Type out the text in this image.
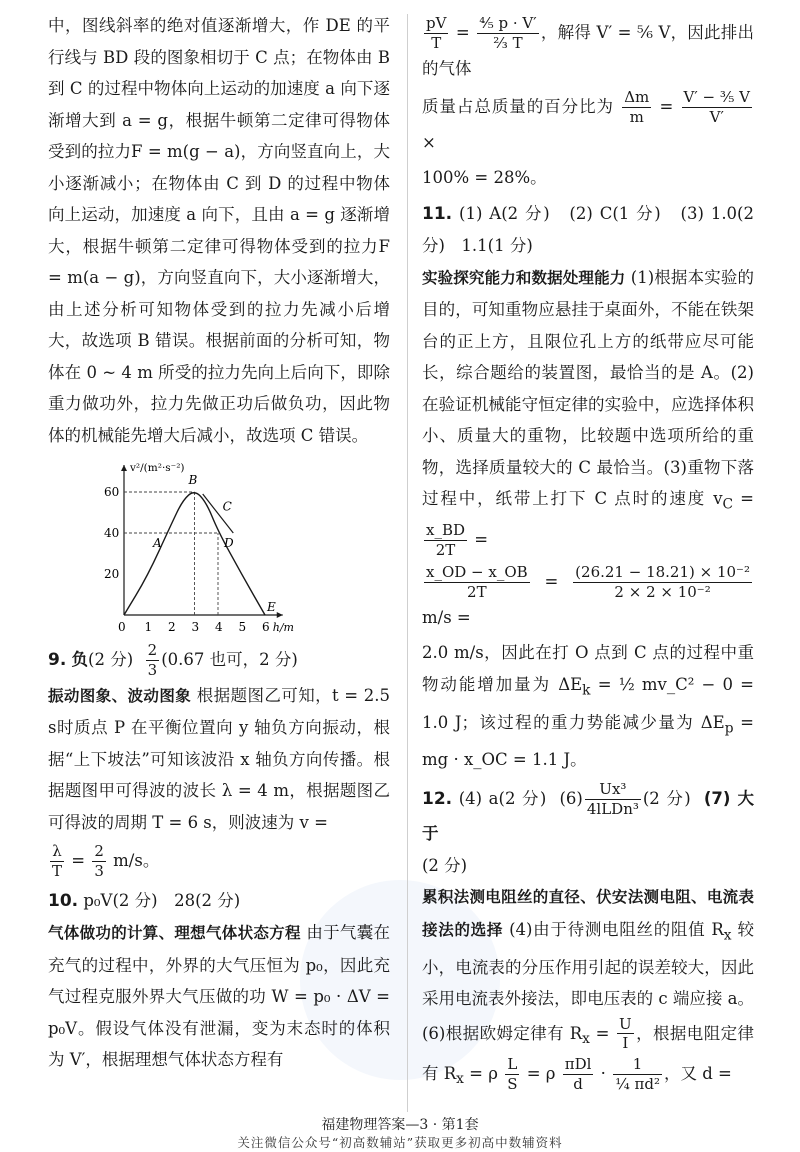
中，图线斜率的绝对值逐渐增大，作 DE 的平行线与 BD 段的图象相切于 C 点；在物体由 B 到 C 的过程中物体向上运动的加速度 a 向下逐渐增大到 a = g，根据牛顿第二定律可得物体受到的拉力F = m(g − a)，方向竖直向上，大小逐渐减小；在物体由 C 到 D 的过程中物体向上运动，加速度 a 向下，且由 a = g 逐渐增大，根据牛顿第二定律可得物体受到的拉力F = m(a − g)，方向竖直向下，大小逐渐增大，由上述分析可知物体受到的拉力先减小后增大，故选项 B 错误。根据前面的分析可知，物体在 0 ~ 4 m 所受的拉力先向上后向下，即除重力做功外，拉力先做正功后做负功，因此物体的机械能先增大后减小，故选项 C 错误。

0 1 2 3 4 5 6
20
40
60
v²/(m²·s⁻²)
h/m
B
C
A	D
E

9. 负(2 分) $\frac{2}{3} (0.67$ 也可，2 分)

振动图象、波动图象 根据题图乙可知，t = 2.5 s时质点 P 在平衡位置向 y 轴负方向振动，根据“上下坡法”可知该波沿 x 轴负方向传播。根据题图甲可得波的波长 λ = 4 m，根据题图乙可得波的周期 T = 6 s，则波速为 v =

$\frac{\lambda}{T} = \frac{2}{3} m/s$。

10. p₀V(2 分)　28(2 分)

气体做功的计算、理想气体状态方程 由于气囊在充气的过程中，外界的大气压恒为 p₀，因此充气过程克服外界大气压做的功 W = p₀ · ΔV = p₀V。假设气体没有泄漏，变为末态时的体积为 V′，根据理想气体状态方程有

$\frac{pV}{T} = \frac{\text{⁴⁄₅ p · V′}}{\text{²⁄₃ T}}$ ，解得 V′ = ⁵⁄₆ V，因此排出的气体

质量占总质量的百分比为 $\frac{\Delta m}{m} = \frac{\text{V′ − ³⁄₅ V}}{V'}$
×

100% = 28%。

11. (1) A(2 分)　(2) C(1 分)　(3) 1.0(2 分)　1.1(1 分)

实验探究能力和数据处理能力 (1)根据本实验的目的，可知重物应悬挂于桌面外，不能在铁架台的正上方，且限位孔上方的纸带应尽可能长，综合题给的装置图，最恰当的是 A。(2)在验证机械能守恒定律的实验中，应选择体积小、质量大的重物，比较题中选项所给的重物，选择质量较大的 C 最恰当。(3)重物下落过程中，纸带上打下 C 点时的速度 $v_C$ =
$\frac{x\_BD}{2T}$ =

$\frac{x\_OD - x\_OB}{2T} = \frac{\text{(26.21 − 18.21) × 10⁻²}}{\text{2 × 2 × 10⁻²}}$
m/s =

2.0 m/s，因此在打 O 点到 C 点的过程中重物动能增加量为 $\Delta E_k$ = ½ mv_C² − 0 = 1.0 J；该过程的重力势能减少量为 $\Delta E_p$ = mg · x_OC = 1.1 J。

12. (4) a(2 分) $(6) \frac{\text{Ux³}}{\text{4lLDn³}} (2$ 分) (7) 大于

(2 分)

累积法测电阻丝的直径、伏安法测电阻、电流表接法的选择 (4)由于待测电阻丝的阻值 $R_x$ 较小，电流表的分压作用引起的误差较大，因此采用电流表外接法，即电压表的 c 端应接 a。(6)根据欧姆定律有 $R_x = \frac{U}{I}$ ，根据电阻定律有 $R_x = \rho \frac{L}{S} = \rho \frac{\text{πDl}}{d} \cdot \frac{1}{\text{¼ πd²}}$ ，又 d =

福建物理答案—3 · 第1套
关注微信公众号“初高数辅站”获取更多初高中数辅资料
